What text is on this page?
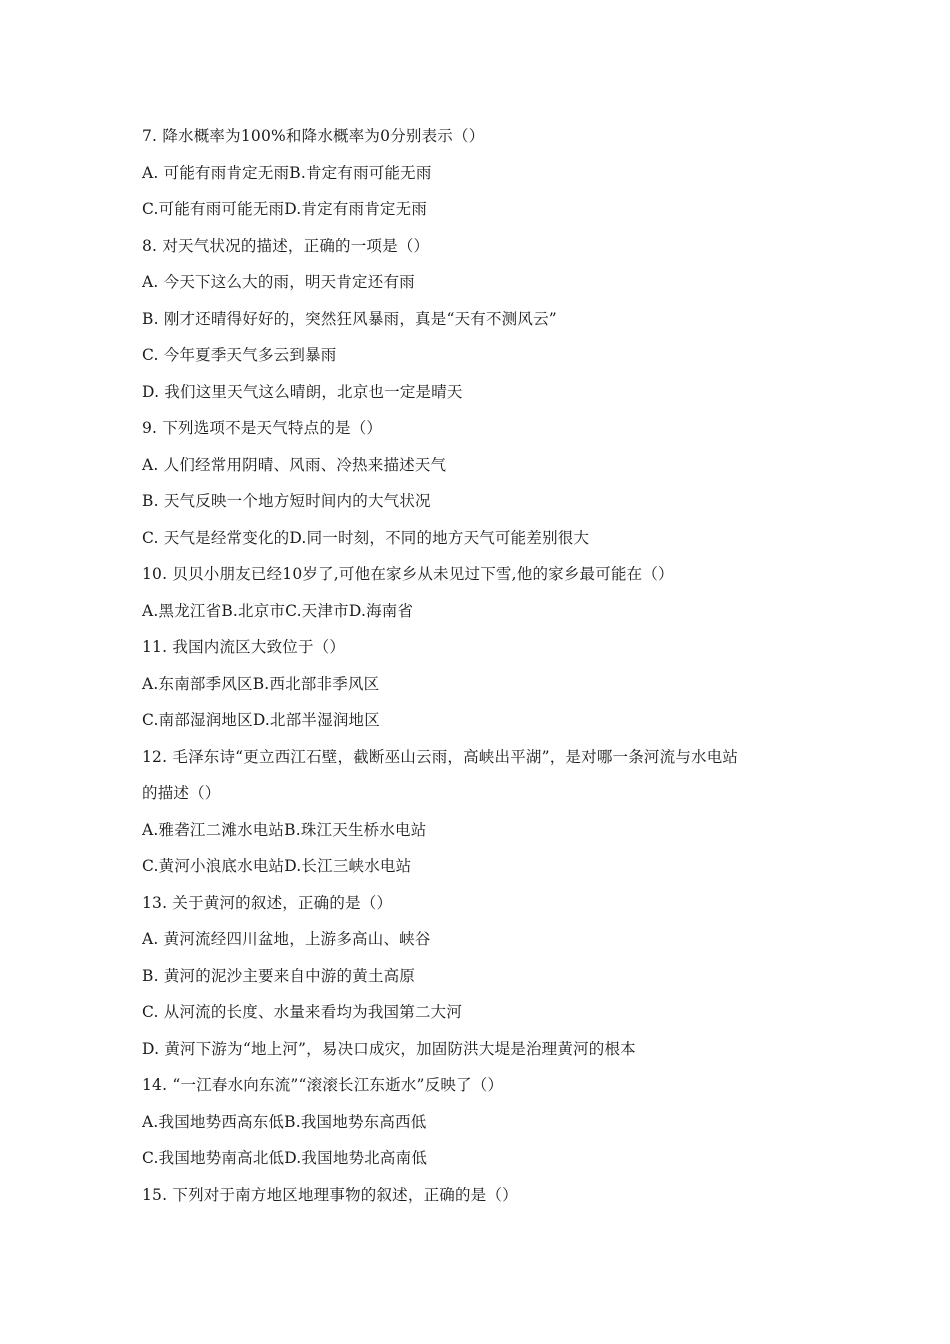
7. 降水概率为100%和降水概率为0分别表示（）
A. 可能有雨肯定无雨B.肯定有雨可能无雨
C.可能有雨可能无雨D.肯定有雨肯定无雨
8. 对天气状况的描述，正确的一项是（）
A. 今天下这么大的雨，明天肯定还有雨
B. 刚才还晴得好好的，突然狂风暴雨，真是“天有不测风云”
C. 今年夏季天气多云到暴雨
D. 我们这里天气这么晴朗，北京也一定是晴天
9. 下列选项不是天气特点的是（）
A. 人们经常用阴晴、风雨、冷热来描述天气
B. 天气反映一个地方短时间内的大气状况
C. 天气是经常变化的D.同一时刻，不同的地方天气可能差别很大
10. 贝贝小朋友已经10岁了,可他在家乡从未见过下雪,他的家乡最可能在（）
A.黑龙江省B.北京市C.天津市D.海南省
11. 我国内流区大致位于（）
A.东南部季风区B.西北部非季风区
C.南部湿润地区D.北部半湿润地区
12. 毛泽东诗“更立西江石壁，截断巫山云雨，高峡出平湖”，是对哪一条河流与水电站
的描述（）
A.雅砻江二滩水电站B.珠江天生桥水电站
C.黄河小浪底水电站D.长江三峡水电站
13. 关于黄河的叙述，正确的是（）
A. 黄河流经四川盆地，上游多高山、峡谷
B. 黄河的泥沙主要来自中游的黄土高原
C. 从河流的长度、水量来看均为我国第二大河
D. 黄河下游为“地上河”，易决口成灾，加固防洪大堤是治理黄河的根本
14. “一江春水向东流”“滚滚长江东逝水”反映了（）
A.我国地势西高东低B.我国地势东高西低
C.我国地势南高北低D.我国地势北高南低
15. 下列对于南方地区地理事物的叙述，正确的是（）
